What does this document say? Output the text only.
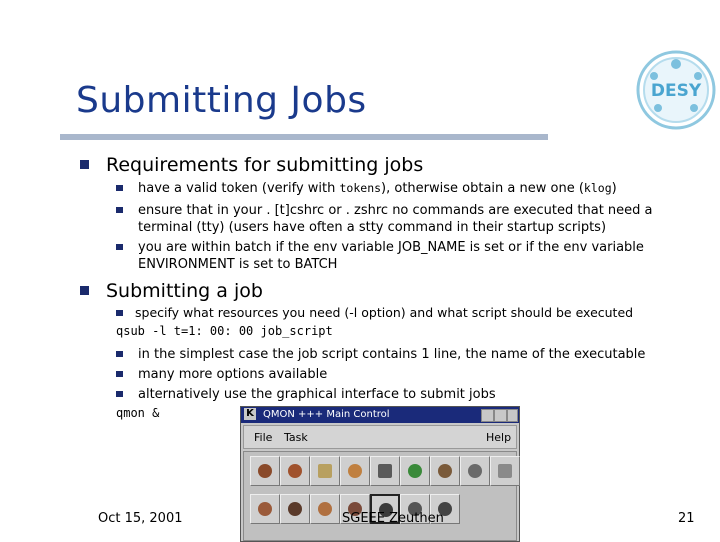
Submitting Jobs	DESY
Requirements for submitting jobs
have a valid token (verify with tokens), otherwise obtain a new one (klog)
ensure that in your . [t]cshrc or . zshrc no commands are executed that need a terminal (tty) (users have often a stty command in their startup scripts)
you are within batch if the env variable JOB_NAME is set or if the env variable ENVIRONMENT is set to BATCH
Submitting a job
specify what resources you need (-l option) and what script should be executed
qsub -l t=1: 00: 00 job_script
in the simplest case the job script contains 1 line, the name of the executable
many more options available
alternatively use the graphical interface to submit jobs
qmon &	K QMON +++ Main Control
File Task	Help
Oct 15, 2001	SGEEE Zeuthen	21
